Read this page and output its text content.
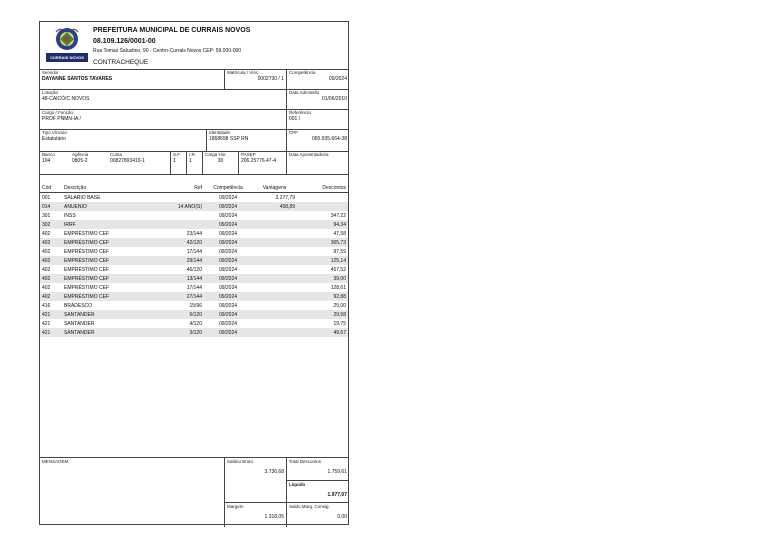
CURRAIS NOVOS
PREFEITURA MUNICIPAL DE CURRAIS NOVOS
08.109.126/0001-00
Rua Tomaz Salustino, 90 - Centro-Currais Novos CEP: 59.000-000
CONTRACHEQUE
Servidor
DAYANNE SANTOS TAVARES
Matrícula / Vínc.
0002730 / 1
Competência
09/2024
Lotação
48-CAICÓ/C NOVOS
Data Admissão
01/06/2010
Cargo / Função
PROF PNMN-IA /
Referência
001 /
Tipo Vínculo
Estatutário
Identidade
1868698 SSP RN
CPF
065.935.664-38
Banco
104
Agência
0805-2
Conta
00827893419-1
S.F.
1
I.R.
1
Carga Hor.
30
PASEP
206.25776.47-4
Data Aposentadoria
Cód	Descrição	Ref	Competência	Vantagens	Descontos
001	SALARIO BASE		09/2024	3.277,79	
014	ANUENIO	14 ANO(S)	09/2024	458,89	
301	INSS		09/2024		347,22
302	IRRF		09/2024		94,34
402	EMPRÉSTIMO CEF	23/144	09/2024		47,58
402	EMPRÉSTIMO CEF	42/120	09/2024		305,73
402	EMPRÉSTIMO CEF	17/144	09/2024		97,59
402	EMPRÉSTIMO CEF	29/144	09/2024		125,14
402	EMPRÉSTIMO CEF	46/120	09/2024		457,52
402	EMPRÉSTIMO CEF	13/144	09/2024		39,00
402	EMPRÉSTIMO CEF	17/144	09/2024		128,61
402	EMPRÉSTIMO CEF	27/144	09/2024		92,88
416	BRADESCO	15/96	09/2024		25,00
421	SANTANDER	6/120	09/2024		29,58
421	SANTANDER	4/120	09/2024		19,75
421	SANTANDER	3/120	09/2024		49,67
MENSAGEM	Salário Bruto
3.736,68
Total Descontos
1.759,61
Líquido
1.977,07
Margem
1.318,05
Saldo Marg. Consig.
0,00
